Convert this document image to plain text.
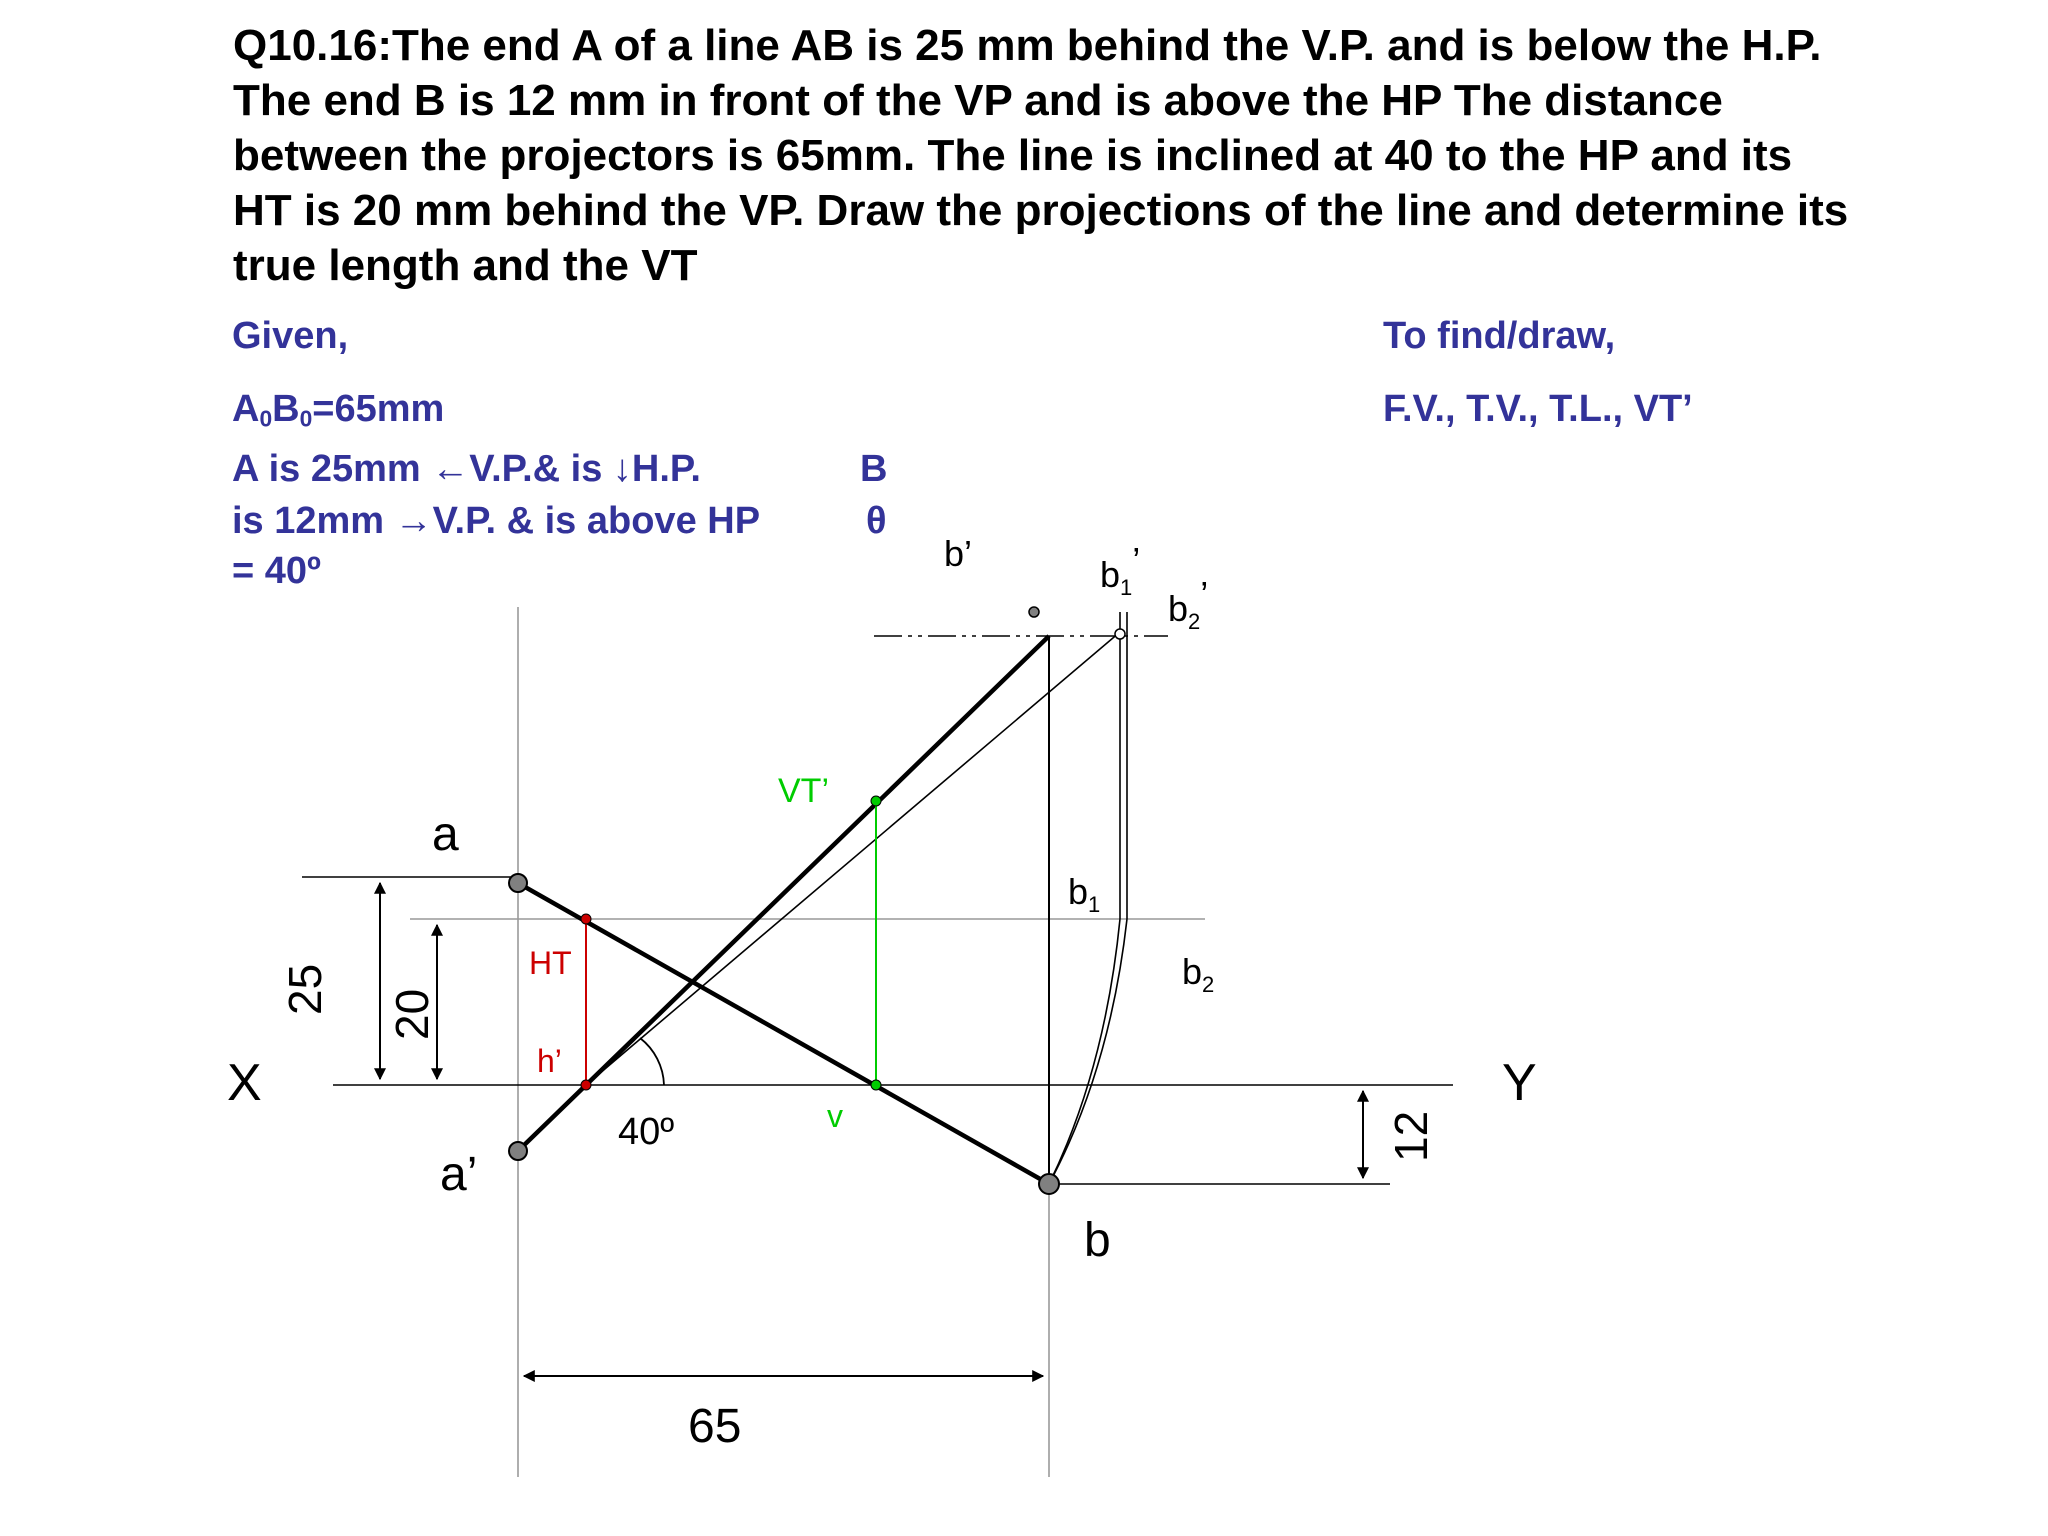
Q10.16:The end A of a line AB is 25 mm behind the V.P. and is below the H.P. The end B is 12 mm in front of the VP and is above the HP The distance between the projectors is 65mm. The line is inclined at 40 to the HP and its HT is 20 mm behind the VP. Draw the projections of the line and determine its true length and the VT

Given,	To find/draw,
$A_0B_0=65mm$	F.V., T.V., T.L., VT’
A is 25mm ←V.P.& is ↓H.P.	B
is 12mm →V.P. & is above HP	θ
= 40º
X	Y
a
a’
b
b’
$b_1$’
$b_2$’
$b_1$
$b_2$
HT
h’
VT’
v
40º
65
25 20
12
